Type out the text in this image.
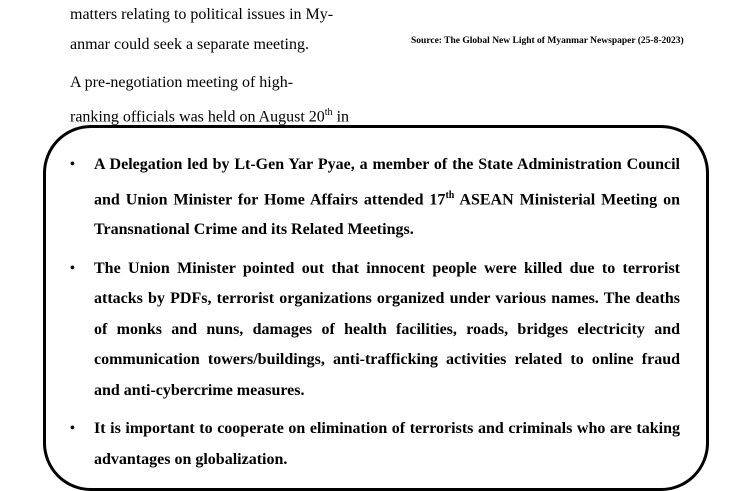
matters relating to political issues in My-
anmar could seek a separate meeting.

A pre-negotiation meeting of high-
ranking officials was held on August 20th in

Source: The Global New Light of Myanmar Newspaper (25-8-2023)
• A Delegation led by Lt-Gen Yar Pyae, a member of the State Administration Council and Union Minister for Home Affairs attended 17th ASEAN Ministerial Meeting on Transnational Crime and its Related Meetings.
• The Union Minister pointed out that innocent people were killed due to terrorist attacks by PDFs, terrorist organizations organized under various names. The deaths of monks and nuns, damages of health facilities, roads, bridges electricity and communication towers/buildings, anti-trafficking activities related to online fraud and anti-cybercrime measures.
• It is important to cooperate on elimination of terrorists and criminals who are taking advantages on globalization.
